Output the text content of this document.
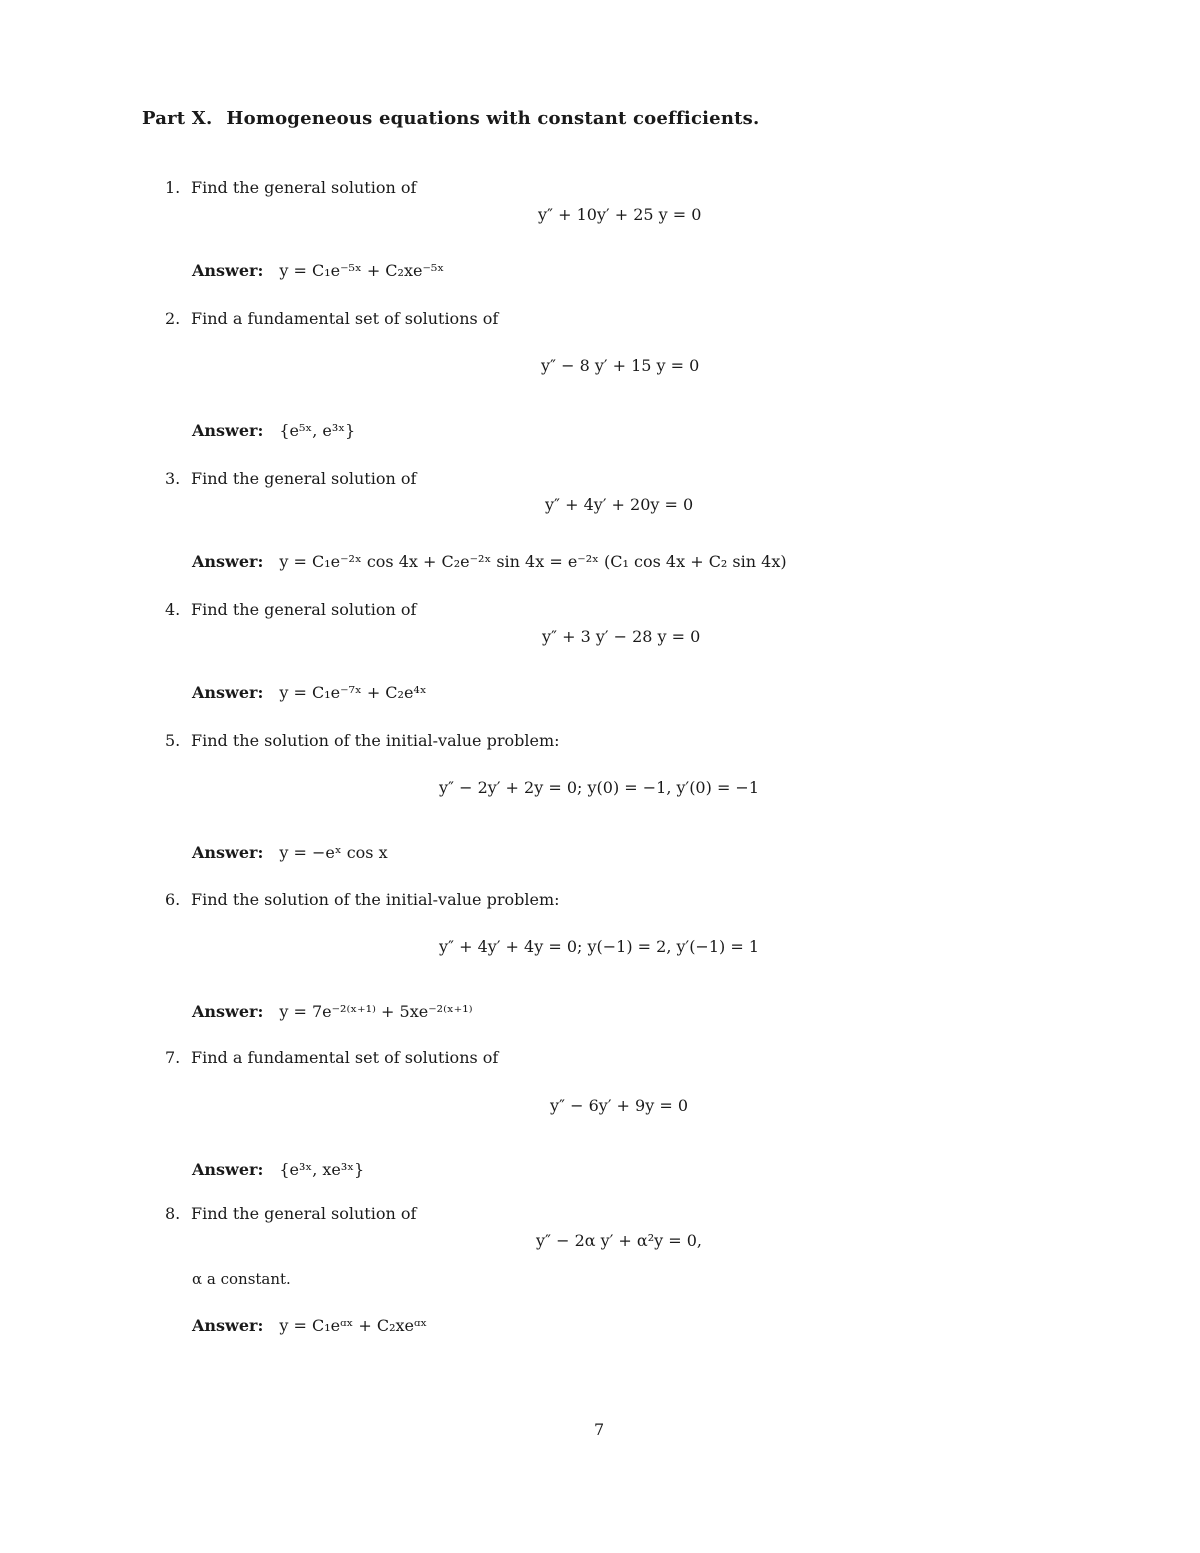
Part X. Homogeneous equations with constant coefficients.
1. Find the general solution of
y″ + 10y′ + 25 y = 0
Answer: y = C₁e⁻⁵ˣ + C₂xe⁻⁵ˣ
2. Find a fundamental set of solutions of
y″ − 8 y′ + 15 y = 0
Answer: {e⁵ˣ, e³ˣ}
3. Find the general solution of
y″ + 4y′ + 20y = 0
Answer: y = C₁e⁻²ˣ cos 4x + C₂e⁻²ˣ sin 4x = e⁻²ˣ (C₁ cos 4x + C₂ sin 4x)
4. Find the general solution of
y″ + 3 y′ − 28 y = 0
Answer: y = C₁e⁻⁷ˣ + C₂e⁴ˣ
5. Find the solution of the initial-value problem:
y″ − 2y′ + 2y = 0; y(0) = −1, y′(0) = −1
Answer: y = −eˣ cos x
6. Find the solution of the initial-value problem:
y″ + 4y′ + 4y = 0; y(−1) = 2, y′(−1) = 1
Answer: y = 7e⁻²⁽ˣ⁺¹⁾ + 5xe⁻²⁽ˣ⁺¹⁾
7. Find a fundamental set of solutions of
y″ − 6y′ + 9y = 0
Answer: {e³ˣ, xe³ˣ}
8. Find the general solution of
y″ − 2α y′ + α²y = 0,
α a constant.
Answer: y = C₁eᵅˣ + C₂xeᵅˣ
7
